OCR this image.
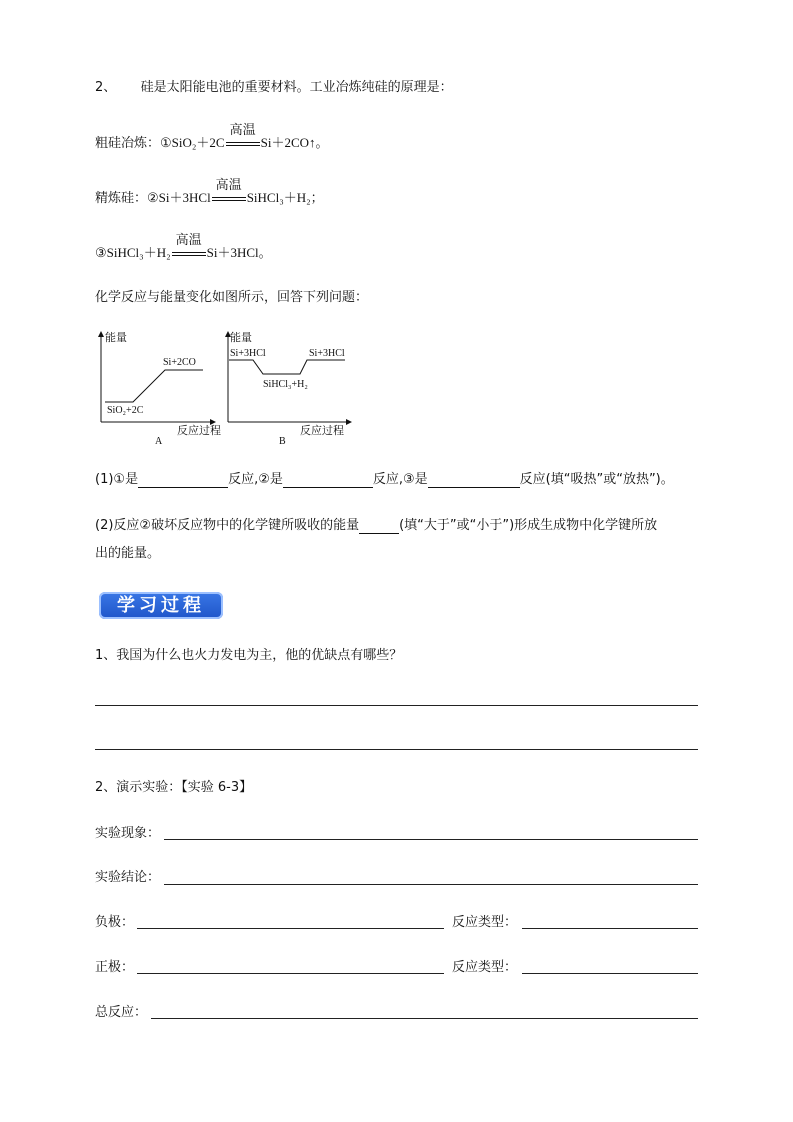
2、 硅是太阳能电池的重要材料。工业冶炼纯硅的原理是：
粗硅冶炼：①SiO₂＋2C
高温
Si＋2CO↑。
精炼硅：②Si＋3HCl
高温
SiHCl₃＋H₂；
③SiHCl₃＋H₂
高温
Si＋3HCl。
化学反应与能量变化如图所示，回答下列问题：
能量
SiO₂+2C
Si+2CO
反应过程
A
能量
Si+3HCl
SiHCl₃+H₂
Si+3HCl
反应过程
B
(1)①是	反应,②是	反应,③是	反应(填“吸热”或“放热”)。
(2)反应②破坏反应物中的化学键所吸收的能量	(填“大于”或“小于”)形成生成物中化学键所放
出的能量。
学习过程
1、我国为什么也火力发电为主，他的优缺点有哪些？
2、演示实验：【实验 6-3】
实验现象：
实验结论：
负极：	反应类型：
正极：	反应类型：
总反应：
